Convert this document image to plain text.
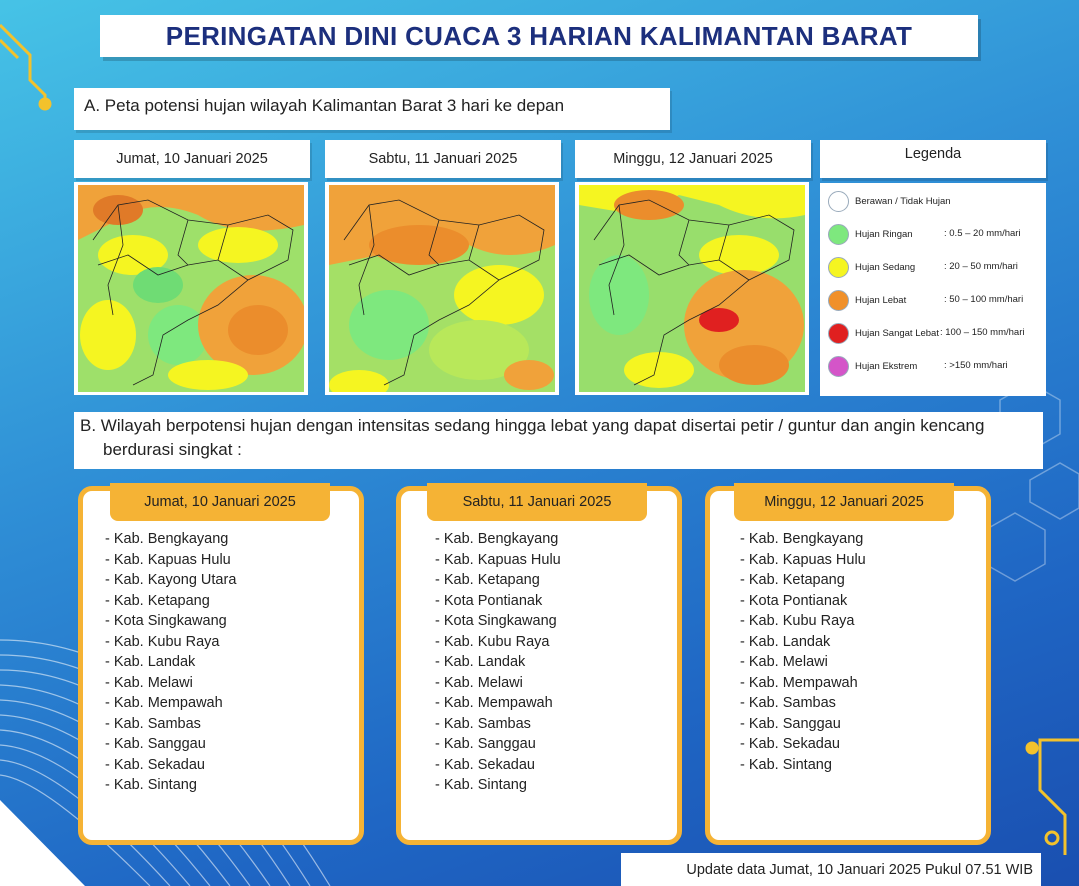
PERINGATAN DINI CUACA 3 HARIAN KALIMANTAN BARAT
A. Peta potensi hujan wilayah Kalimantan Barat 3 hari ke depan
Jumat, 10 Januari 2025	Sabtu, 11 Januari 2025	Minggu, 12 Januari 2025	Legenda
Berawan / Tidak Hujan
Hujan Ringan	: 0.5 – 20 mm/hari
Hujan Sedang	: 20 – 50 mm/hari
Hujan Lebat	: 50 – 100 mm/hari
Hujan Sangat Lebat : 100 – 150 mm/hari
Hujan Ekstrem	: >150 mm/hari
B. Wilayah berpotensi hujan dengan intensitas sedang hingga lebat yang dapat disertai petir / guntur dan angin kencang
berdurasi singkat :
Jumat, 10 Januari 2025
- Kab. Bengkayang
- Kab. Kapuas Hulu
- Kab. Kayong Utara
- Kab. Ketapang
- Kota Singkawang
- Kab. Kubu Raya
- Kab. Landak
- Kab. Melawi
- Kab. Mempawah
- Kab. Sambas
- Kab. Sanggau
- Kab. Sekadau
- Kab. Sintang
Sabtu, 11 Januari 2025
- Kab. Bengkayang
- Kab. Kapuas Hulu
- Kab. Ketapang
- Kota Pontianak
- Kota Singkawang
- Kab. Kubu Raya
- Kab. Landak
- Kab. Melawi
- Kab. Mempawah
- Kab. Sambas
- Kab. Sanggau
- Kab. Sekadau
- Kab. Sintang
Minggu, 12 Januari 2025
- Kab. Bengkayang
- Kab. Kapuas Hulu
- Kab. Ketapang
- Kota Pontianak
- Kab. Kubu Raya
- Kab. Landak
- Kab. Melawi
- Kab. Mempawah
- Kab. Sambas
- Kab. Sanggau
- Kab. Sekadau
- Kab. Sintang
Update data Jumat, 10 Januari 2025 Pukul 07.51 WIB
